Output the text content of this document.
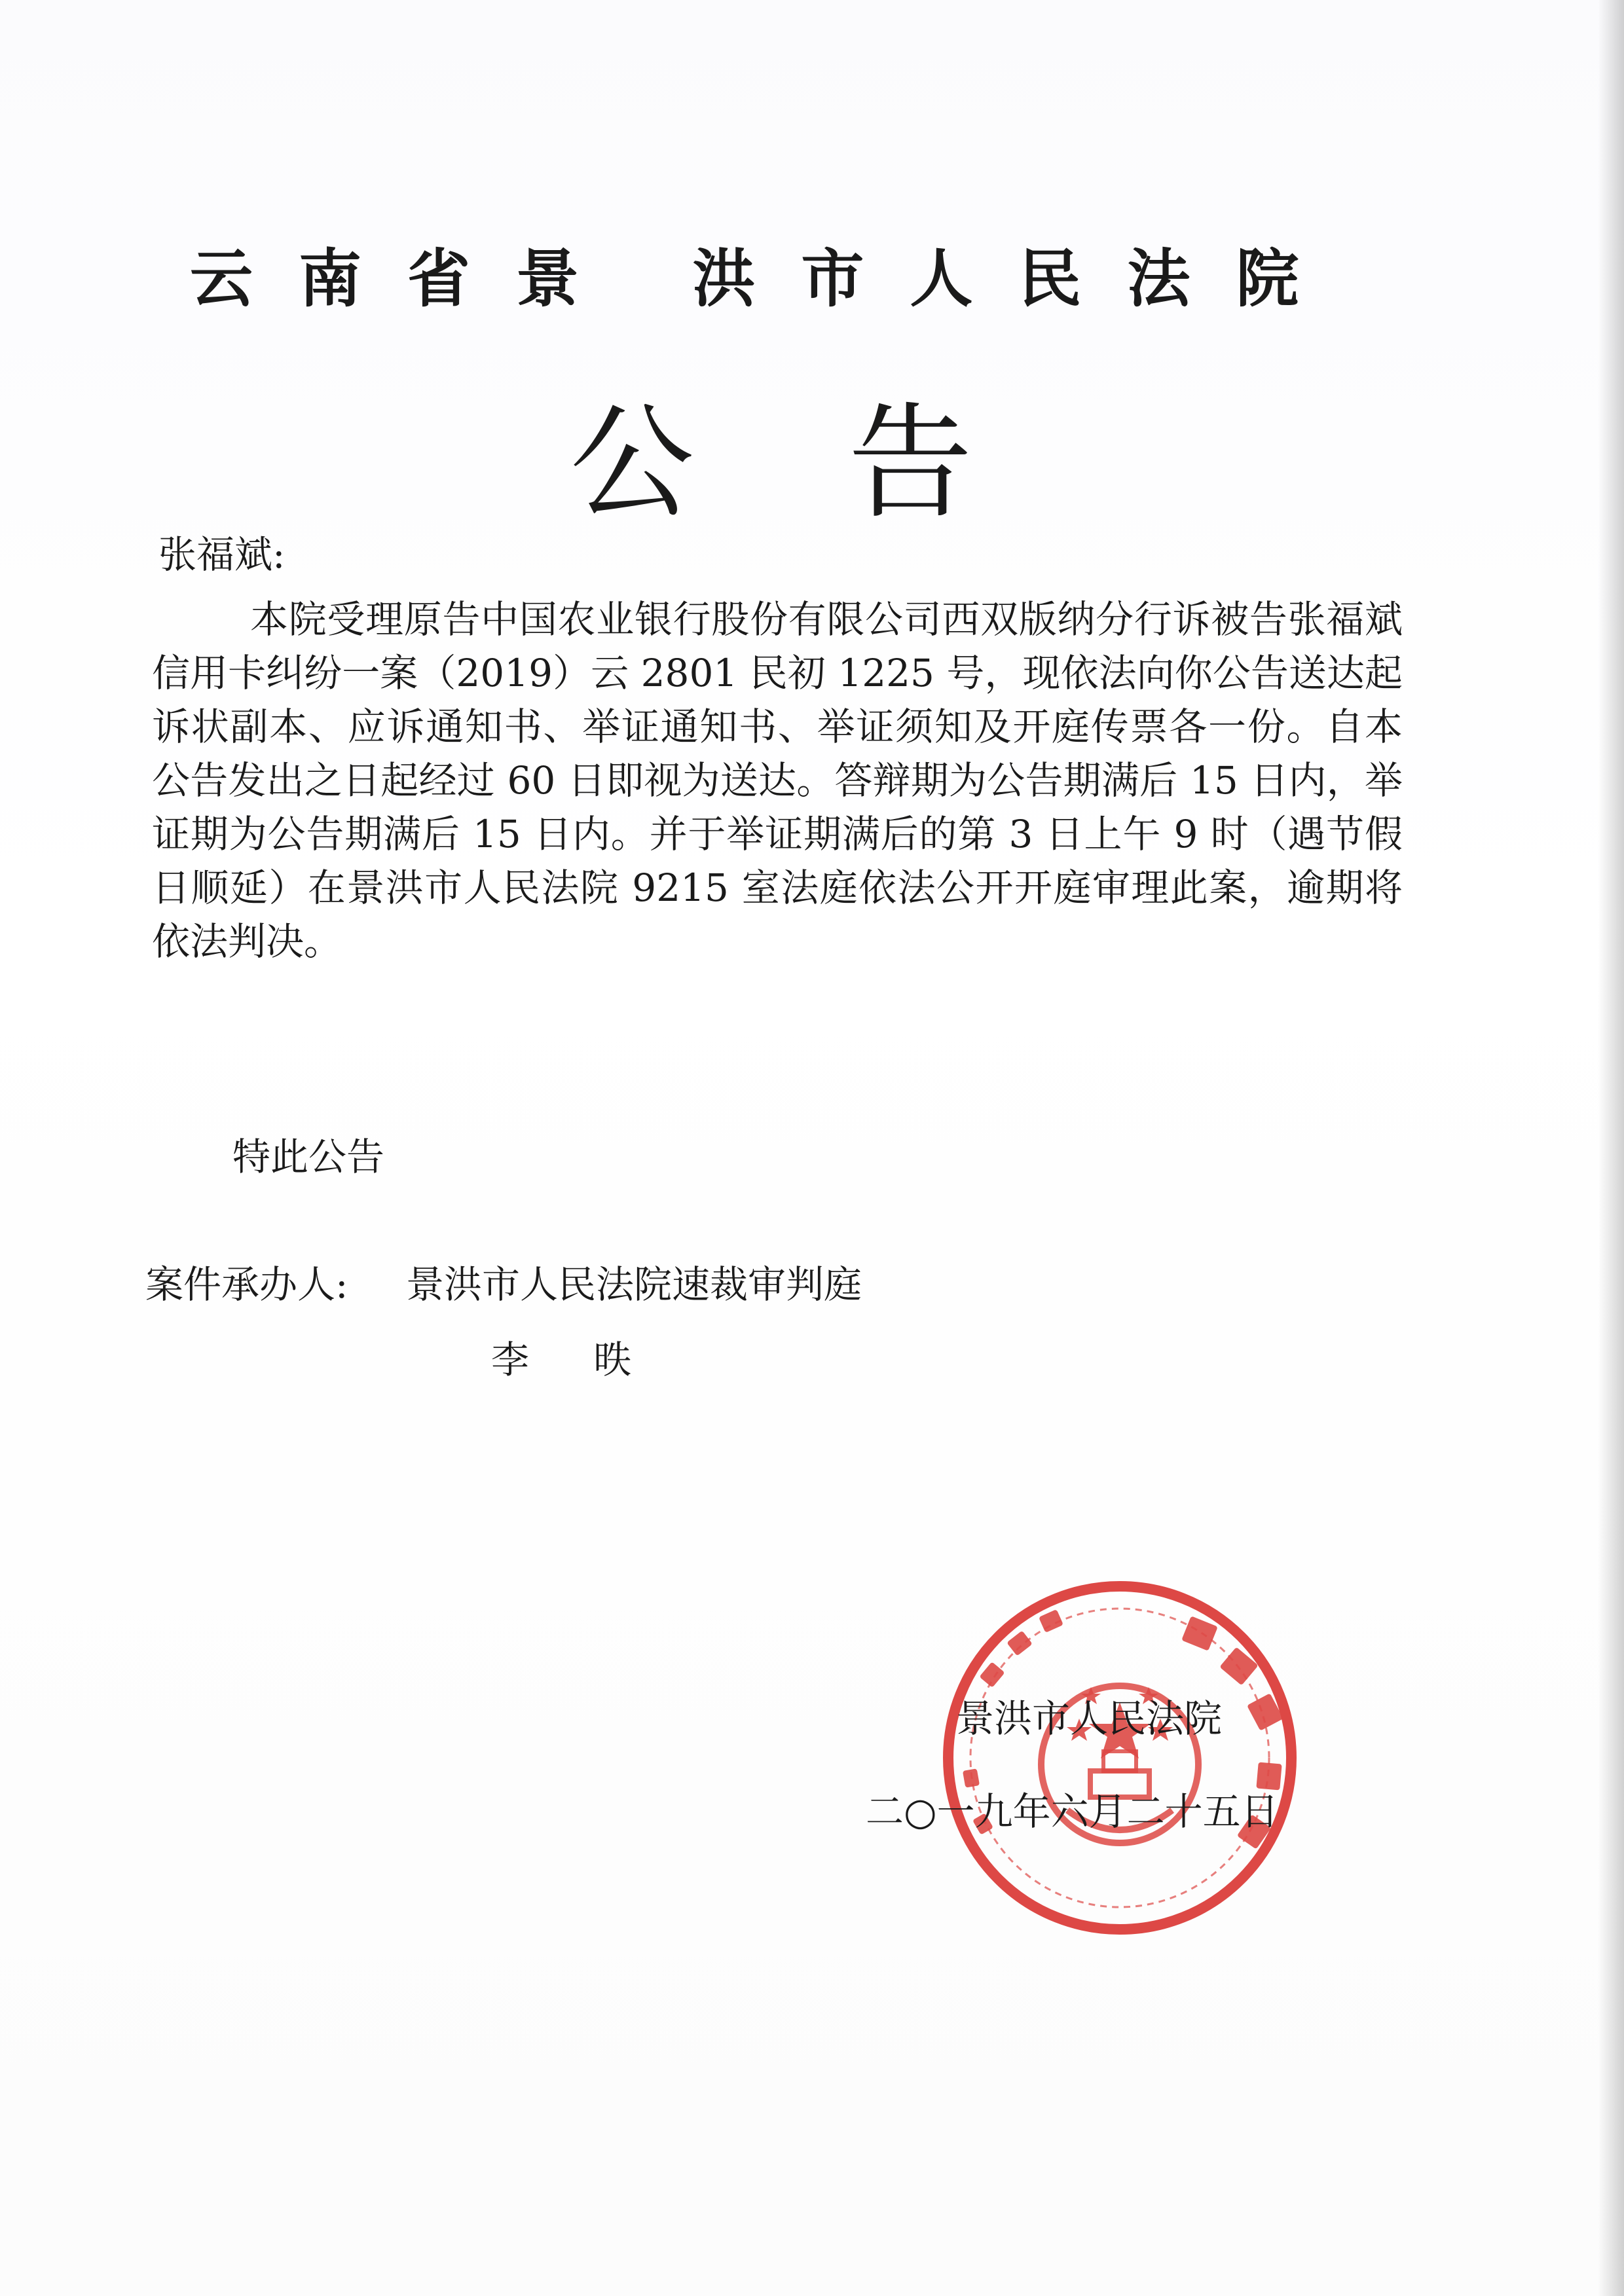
云南省景 洪市人民法院
公告
张福斌:
本院受理原告中国农业银行股份有限公司西双版纳分行诉被告张福斌信用卡纠纷一案（2019）云 2801 民初 1225 号，现依法向你公告送达起诉状副本、应诉通知书、举证通知书、举证须知及开庭传票各一份。自本公告发出之日起经过 60 日即视为送达。答辩期为公告期满后 15 日内，举证期为公告期满后 15 日内。并于举证期满后的第 3 日上午 9 时（遇节假日顺延）在景洪市人民法院 9215 室法庭依法公开开庭审理此案，逾期将依法判决。
特此公告
案件承办人: 景洪市人民法院速裁审判庭
李 昳
景洪市人民法院
二○一九年六月二十五日
